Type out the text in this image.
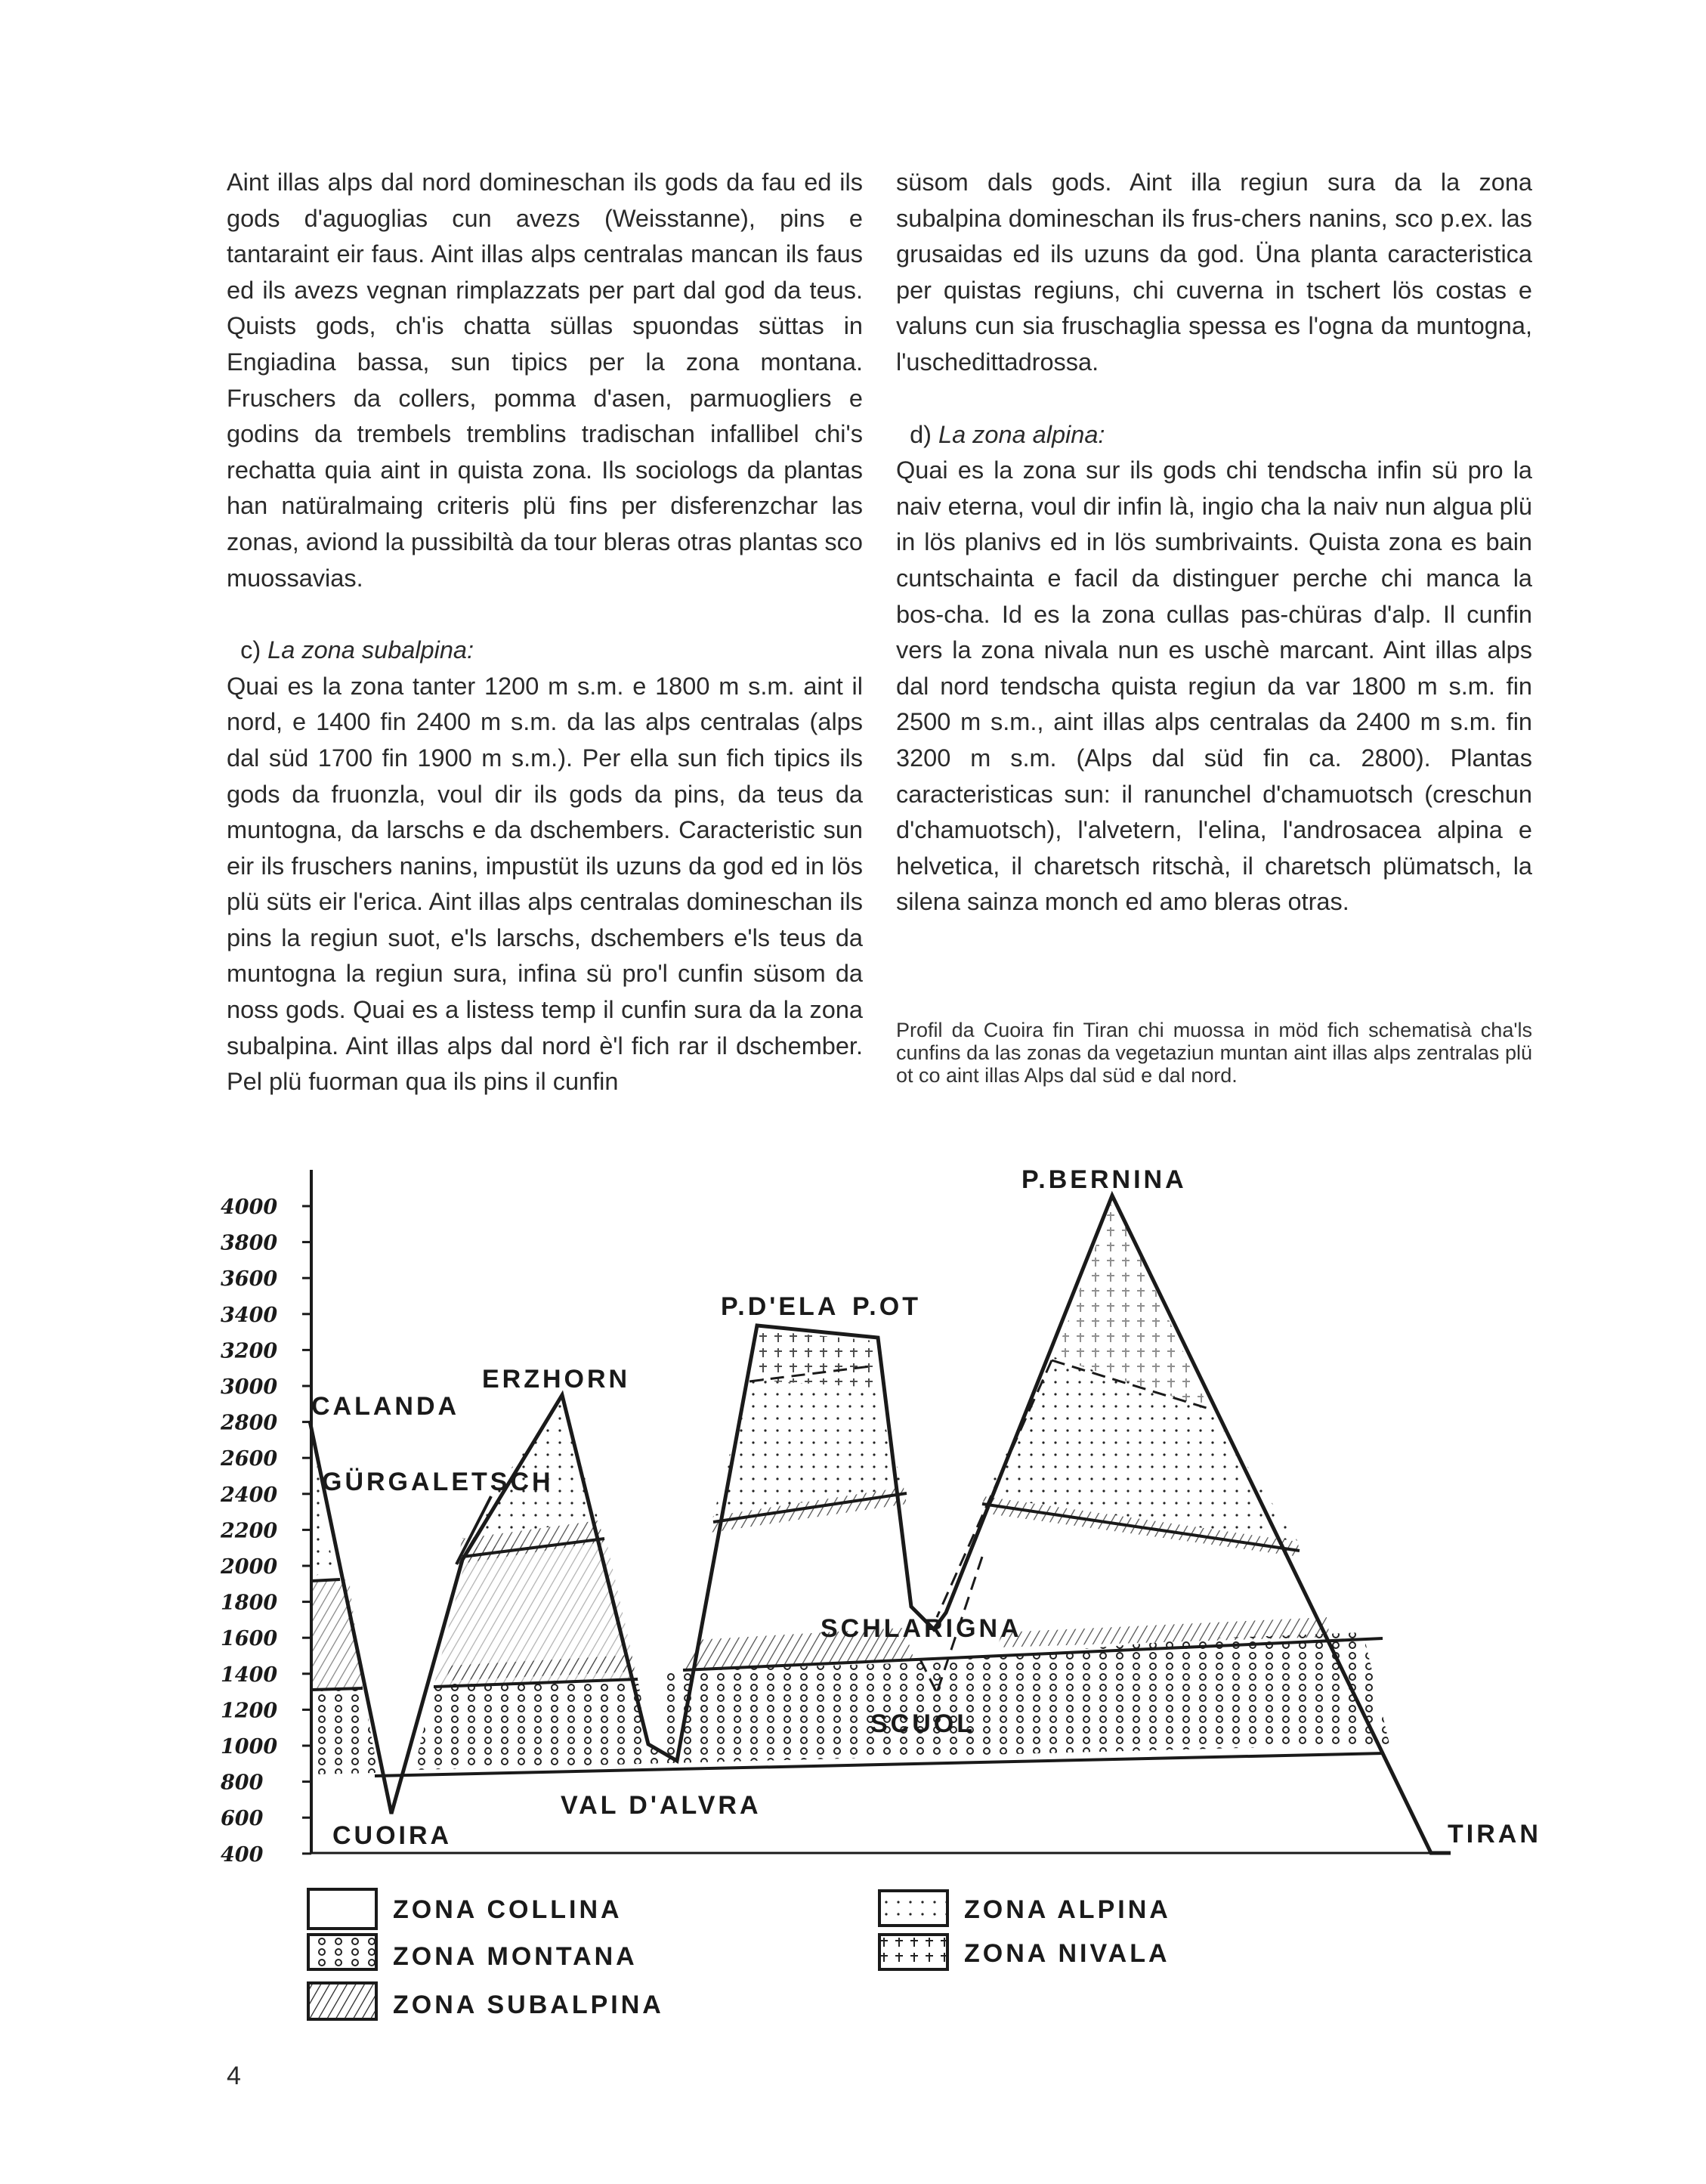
Aint illas alps dal nord domineschan ils gods da fau ed ils gods d'aguoglias cun avezs (Weisstanne), pins e tantaraint eir faus. Aint illas alps centralas mancan ils faus ed ils avezs vegnan rimplazzats per part dal god da teus. Quists gods, ch'is chatta süllas spuondas süttas in Engiadina bassa, sun tipics per la zona montana. Fruschers da collers, pomma d'asen, parmuogliers e godins da trembels tremblins tradischan infallibel chi's rechatta quia aint in quista zona. Ils sociologs da plantas han natüralmaing criteris plü fins per disferenzchar las zonas, aviond la pussibiltà da tour bleras otras plantas sco muossavias.

c) La zona subalpina:

Quai es la zona tanter 1200 m s.m. e 1800 m s.m. aint il nord, e 1400 fin 2400 m s.m. da las alps centralas (alps dal süd 1700 fin 1900 m s.m.). Per ella sun fich tipics ils gods da fruonzla, voul dir ils gods da pins, da teus da muntogna, da larschs e da dschembers. Caracteristic sun eir ils fruschers nanins, impustüt ils uzuns da god ed in lös plü süts eir l'erica. Aint illas alps centralas domineschan ils pins la regiun suot, e'ls larschs, dschembers e'ls teus da muntogna la regiun sura, infina sü pro'l cunfin süsom da noss gods. Quai es a listess temp il cunfin sura da la zona subalpina. Aint illas alps dal nord è'l fich rar il dschember. Pel plü fuorman qua ils pins il cunfin

süsom dals gods. Aint illa regiun sura da la zona subalpina domineschan ils frus-chers nanins, sco p.ex. las grusaidas ed ils uzuns da god. Üna planta caracteristica per quistas regiuns, chi cuverna in tschert lös costas e valuns cun sia fruschaglia spessa es l'ogna da muntogna, l'uschedittadrossa.

d) La zona alpina:

Quai es la zona sur ils gods chi tendscha infin sü pro la naiv eterna, voul dir infin là, ingio cha la naiv nun algua plü in lös planivs ed in lös sumbrivaints. Quista zona es bain cuntschainta e facil da distinguer perche chi manca la bos-cha. Id es la zona cullas pas-chüras d'alp. Il cunfin vers la zona nivala nun es uschè marcant. Aint illas alps dal nord tendscha quista regiun da var 1800 m s.m. fin 2500 m s.m., aint illas alps centralas da 2400 m s.m. fin 3200 m s.m. (Alps dal süd fin ca. 2800). Plantas caracteristicas sun: il ranunchel d'chamuotsch (creschun d'chamuotsch), l'alvetern, l'elina, l'androsacea alpina e helvetica, il charetsch ritschà, il charetsch plümatsch, la silena sainza monch ed amo bleras otras.

Profil da Cuoira fin Tiran chi muossa in möd fich schematisà cha'ls cunfins da las zonas da vegetaziun muntan aint illas alps zentralas plü ot co aint illas Alps dal süd e dal nord.
4000
3800
3600
3400
3200
3000
2800
2600
2400
2200
2000
1800
1600
1400
1200
1000
800
600
400
P.BERNINA
P.D'ELA P.OT
ERZHORN
CALANDA
GÜRGALETSCH
SCHLARIGNA
SCUOL
VAL D'ALVRA
CUOIRA	TIRAN
ZONA COLLINA
ZONA MONTANA
ZONA SUBALPINA
ZONA ALPINA
ZONA NIVALA
4
